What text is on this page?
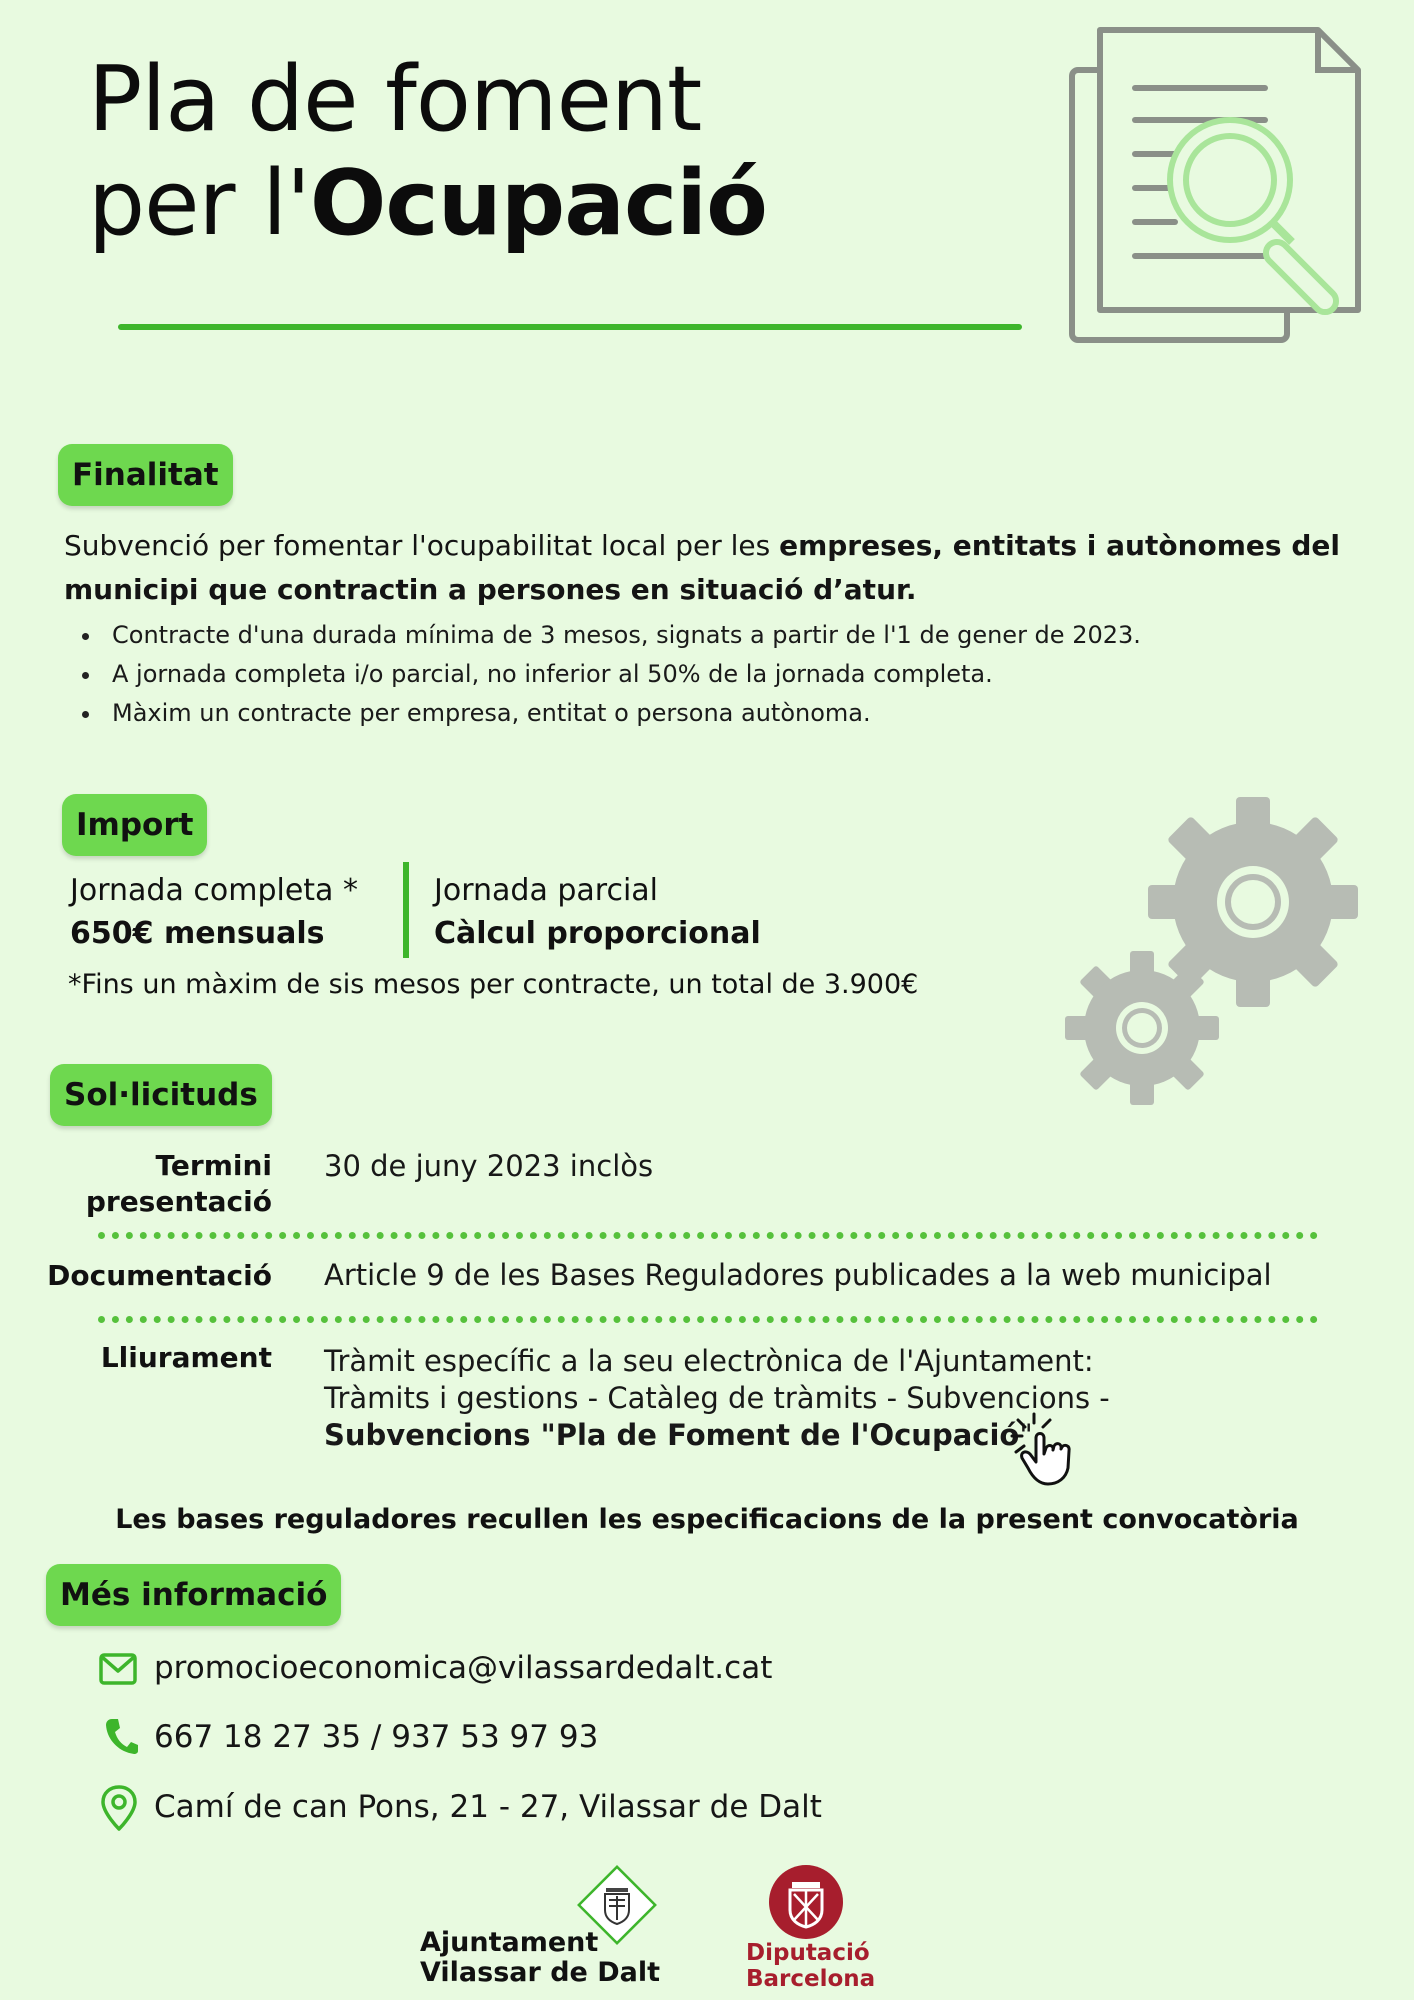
Pla de foment
per l'Ocupació
Finalitat
Subvenció per fomentar l'ocupabilitat local per les empreses, entitats i autònomes del municipi que contractin a persones en situació d’atur.
Contracte d'una durada mínima de 3 mesos, signats a partir de l'1 de gener de 2023.
A jornada completa i/o parcial, no inferior al 50% de la jornada completa.
Màxim un contracte per empresa, entitat o persona autònoma.
Import
Jornada completa *
650€ mensuals
Jornada parcial
Càlcul proporcional
*Fins un màxim de sis mesos per contracte, un total de 3.900€
Sol·licituds
Termini presentació
30 de juny 2023 inclòs
Documentació Article 9 de les Bases Reguladores publicades a la web municipal
Lliurament Tràmit específic a la seu electrònica de l'Ajuntament:
Tràmits i gestions - Catàleg de tràmits - Subvencions -
Subvencions "Pla de Foment de l'Ocupació"
Les bases reguladores recullen les especificacions de la present convocatòria
Més informació
promocioeconomica@vilassardedalt.cat
667 18 27 35 / 937 53 97 93
Camí de can Pons, 21 - 27, Vilassar de Dalt
Ajuntament
Vilassar de Dalt
Diputació
Barcelona
